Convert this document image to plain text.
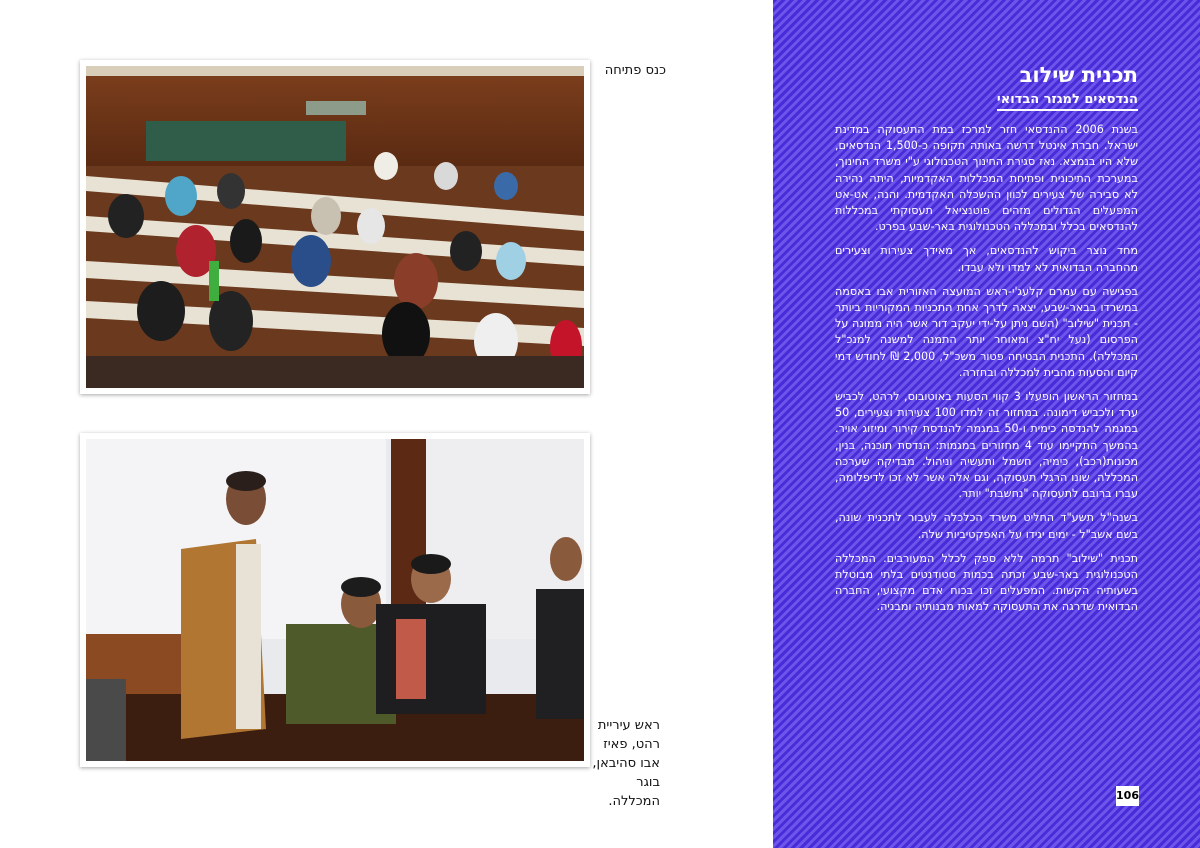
כנס פתיחה
ראש עיריית רהט, פאיז אבו סהיבאן, בוגר המכללה.
תכנית שילוב
הנדסאים למגזר הבדואי

בשנת 2006 ההנדסאי חזר למרכז במת התעסוקה במדינת ישראל. חברת אינטל דרשה באותה תקופה כ-1,500 הנדסאים, שלא היו בנמצא. נאז סגירת החינוך הטכנולוגי ע"י משרד החינוך, במערכת התיכונית ופתיחת המכללות האקדמיות, היתה נהירה לא סבירה של צעירים לכוון ההשכלה האקדמית. והנה, אט-אט המפעלים הגדולים מזהים פוטנציאל תעסוקתי במכללות להנדסאים בכלל ובמכללה הטכנולוגית באר-שבע בפרט.

מחד נוצר ביקוש להנדסאים, אך מאידך צעירות וצעירים מהחברה הבדואית לא למדו ולא עבדו.

בפגישה עם עמרם קלעג'י-ראש המועצה האזורית אבו באסמה במשרדו בבאר-שבע, יצאה לדרך אחת התכניות המקוריות ביותר - תכנית "שילוב" (השם ניתן על-ידי יעקב דור אשר היה ממונה על הפרסום (נעל יח"צ ומאוחר יותר התמנה למשנה למנכ"ל המכללה). התכנית הבטיחה פטור משכ"ל, 2,000 ₪ לחודש דמי קיום והסעות מהבית למכללה ובחזרה.

במחזור הראשון הופעלו 3 קווי הסעות באוטובוס, לרהט, לכביש ערד ולכביש דימונה. במחזור זה למדו 100 צעירות וצעירים, 50 במגמה להנדסה כימית ו-50 במגמה להנדסת קירור ומיזוג אויר. בהמשך התקיימו עוד 4 מחזורים במגמות: הנדסת תוכנה, בנין, מכונות(רכב), כימיה, חשמל ותעשיה וניהול. מבדיקה שערכה המכללה, שונו הרגלי תעסוקה, וגם אלה אשר לא זכו לדיפלומה, עברו ברובם לתעסוקה "נחשבת" יותר.

בשנה"ל תשע"ד החליט משרד הכלכלה לעבור לתכנית שונה, בשם אשב"ל - ימים יגידו על האפקטיביות שלה.

תכנית "שילוב" תרמה ללא ספק לכלל המעורבים. המכללה הטכנולוגית באר-שבע זכתה בכמות סטודנטים בלתי מבוטלת בשעותיה הקשות. המפעלים זכו בכוח אדם מקצועי, החברה הבדואית שדרגה את התעסוקה למאות מבנותיה ומבניה.

106
